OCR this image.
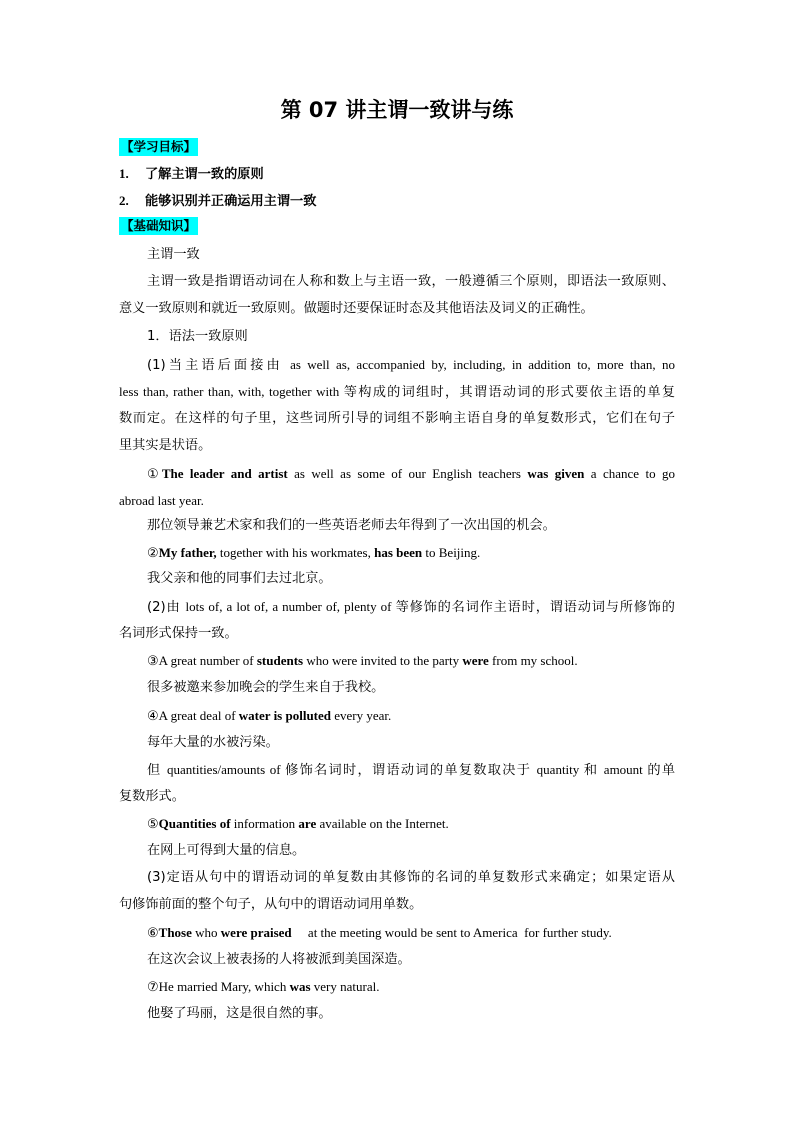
第 07 讲主谓一致讲与练
【学习目标】
1. 了解主谓一致的原则
2. 能够识别并正确运用主谓一致
【基础知识】
主谓一致
主谓一致是指谓语动词在人称和数上与主语一致，一般遵循三个原则，即语法一致原则、
意义一致原则和就近一致原则。做题时还要保证时态及其他语法及词义的正确性。
1．语法一致原则
(1)当主语后面接由 as well as, accompanied by, including, in addition to, more than, no
less than, rather than, with, together with 等构成的词组时，其谓语动词的形式要依主语的单复
数而定。在这样的句子里，这些词所引导的词组不影响主语自身的单复数形式，它们在句子
里其实是状语。
①The leader and artist as well as some of our English teachers was given a chance to go
abroad last year.
那位领导兼艺术家和我们的一些英语老师去年得到了一次出国的机会。
②My father, together with his workmates, has been to Beijing.
我父亲和他的同事们去过北京。
(2)由 lots of, a lot of, a number of, plenty of 等修饰的名词作主语时，谓语动词与所修饰的
名词形式保持一致。
③A great number of students who were invited to the party were from my school.
很多被邀来参加晚会的学生来自于我校。
④A great deal of water is polluted every year.
每年大量的水被污染。
但 quantities/amounts of 修饰名词时，谓语动词的单复数取决于 quantity 和 amount 的单
复数形式。
⑤Quantities of information are available on the Internet.
在网上可得到大量的信息。
(3)定语从句中的谓语动词的单复数由其修饰的名词的单复数形式来确定；如果定语从
句修饰前面的整个句子，从句中的谓语动词用单数。
⑥Those who were praised     at the meeting would be sent to America  for further study.
在这次会议上被表扬的人将被派到美国深造。
⑦He married Mary, which was very natural.
他娶了玛丽，这是很自然的事。
